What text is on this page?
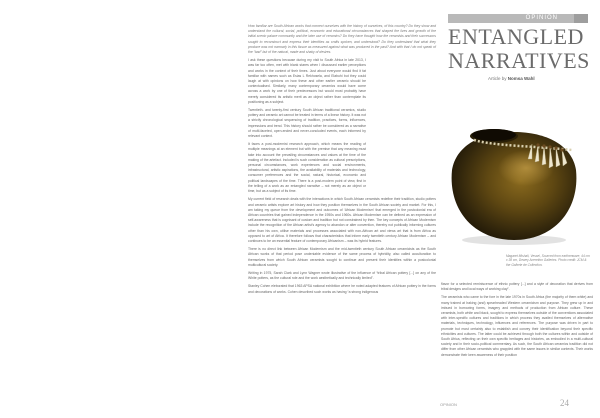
How familiar are South African works that connect ourselves with the history of ourselves, of this country? Do they show and understand the cultural, social, political, economic and educational circumstances that shaped the lives and growth of the initial scenic palace community and the later use of ceramics? Do they have thought how the ceramists and their successors sought to reconstruct and express their identities as crafts spoken, and understood? Do they understand that what they produce was not narrowly in this tissue as measured against what was produced in the past? And with that I do not speak of the “bad” but of the natural, made and shaky of desires.

I ask these questions because during my visit to South Africa in late 2013, I was far too often, met with blank stares when I discussed earlier perceptions and works in the context of their times. Just about everyone would find it fat familiar with names such as Esias L Rekhosela, and Elabuhi but they could laugh at with opinions on how these and other earlier ceramic should be contextualised. Similarly, many contemporary ceramics would have come across a work by one of their predecessors but would most probably have merely considered its artistic merit as an object rather than contemplate its positioning as a subject.

Twentieth- and twenty-first century South African traditional ceramics, studio pottery and ceramic art cannot be treated in terms of a linear history. It was not a strictly chronological sequencing of tradition, practices, forms, influences, impressions and trend. This history should rather be considered as a narrative of multi-faceted, open-ended and never-concluded events, each informed by relevant context.

It faces a post-modernist research approach, which means the reading of multiple meanings at an element but with the premise that any meaning must take into account the prevailing circumstances and values at the time of the making of the artefact. Included is such consideration as cultural prescriptions, personal circumstances, work experiences and social environments, infrastructural, artistic aspirations, the availability of materials and technology, consumer preferences and the social, natural, historical, economic and political landscapes of the time. There is a post-modern point of view, first in the telling of a work as an entangled narrative – not merely as an object or time, but as a subject of its time.

My current field of research deals with the interactions in which South African ceramists redefine their tradition, studio potters and ceramic artists explore art history and how they position themselves in the South African society and market. For this, I am taking my queue from the development and outcomes of ‘African Modernism’ that emerged in the postcolonial era of African countries that gained independence in the 1950s and 1960s. African Modernism can be defined as an expression of self-awareness that is cognisant of custom and tradition but not constrained by then. The key concepts of African Modernism include the recognition of the African artist’s agency to abandon or alter convention, thereby not publically informing cultures other than his own, utilise materials and processes associated with non-African art and views art that is from Africa as opposed to art of Africa. It therefore follows that characteristics that inform early twentieth century African Modernism – and continues to be an essential feature of contemporary Africanism – was its hybrid features.

There is no direct link between African Modernism and the mid-twentieth century South African ceramicists as the South African works of that period pose undeniable evidence of the same process of hybridity, also called acculturation to themselves from which South African ceramists sought to continue and present their identities within a postcolonial multicultural society.

Writing in 1975, Sarah Clark and Lynn Wagner wrote illustrative of the influence of “tribal African pottery [...] on any of the White potters, as the cultural role and the work aesthetically and technically limited”.

Stanley Cohen eleborated that 1963 APSA national exhibition where he noted adapted features of African pottery in the forms and decorations of works. Cohen described such works as having “a strong indigenous

OPINION
ENTANGLED
NARRATIVES
Article by Nomsa Wahl
Magaret Mtshali, Vessel, Sourced from earthenware, 44 cm x 38 cm, Dewey Aceretion Galleries. Photo credit: JCM & the Gallerie de Collection.

flavor for a selected reminiscence of ethnic pottery [...] and a style of decoration that derives from tribal designs and local ways of working clay”.

The ceramists who came to the fore in the late 1970s in South Africa (the majority of them white) and many trained at Iraking (and) spearheaded Western ceramicism and purpose. They grew up in and imbued in borrowing forms, imagery and methods of production from African culture. These ceramists, both white and black, sought to express themselves outside of the conventions associated with inter-specific cultures and traditions in which process they availed themselves of alternative materials, techniques, technology, influences and references. The purpose was driven in part to promote but most certainly also to establish and convey their identification beyond their specific ethnicities and cultures. The latter could be achieved through both the cultures within and outside of South Africa, reflecting on their own specific heritages and histories, as embodied in a multi-cultural society and in their socio-political commentary. As such, the South African ceramics tradition did not differ from other African ceramists who grappled with the same issues in similar contexts. Their works demonstrate their keen awareness of their position

OPINION	24
